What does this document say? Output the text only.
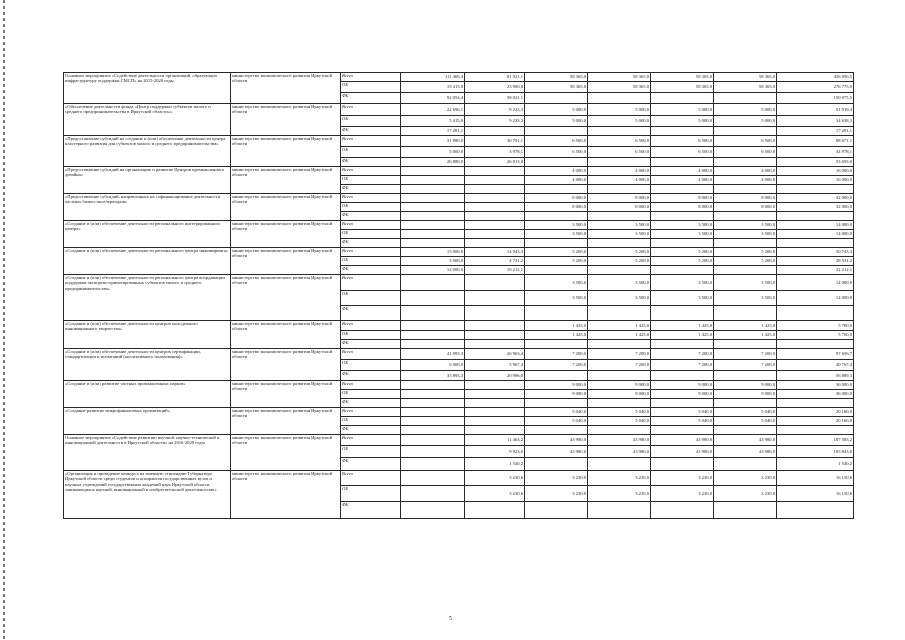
Основное мероприятие «Содействие деятельности организаций, образующих инфраструктуру поддержки СМСП» на 2015-2020 годы	министерство экономического развития Иркутской области	Всего	111 469,4	81 921,1	58 365,0	58 365,0	58 365,0	58 365,0	426 850,5
		ОБ	19 415,0	23 900,0	58 365,0	58 365,0	58 365,0	58 365,0	276 775,0
		ФБ	92 054,4	58 021,1					150 075,5
«Обеспечение деятельности фонда «Центр поддержки субъектов малого и среднего предпринимательства в Иркутской области»»	министерство экономического развития Иркутской области	Всего	22 696,1	9 223,3	5 000,0	5 000,0	5 000,0	5 000,0	51 919,4
		ОБ	5 415,0	9 223,3	5 000,0	5 000,0	5 000,0	5 000,0	34 638,3
		ФБ	17 281,1						17 281,1
«Предоставление субсидий на создание и (или) обеспечение деятельности центра кластерного развития для субъектов малого и среднего предпринимательства»	министерство экономического развития Иркутской области	Всего	31 880,0	30 791,1	6 500,0	6 500,0	6 500,0	6 500,0	88 671,1
		ОБ	5 000,0	3 978,1	6 500,0	6 500,0	6 500,0	6 500,0	34 978,1
		ФБ	26 880,0	26 813,0					53 693,0
«Предоставление субсидий на организацию и развитие Центров промышленного дизайна»	министерство экономического развития Иркутской области	Всего			4 000,0	4 000,0	4 000,0	4 000,0	16 000,0
		ОБ			4 000,0	4 000,0	4 000,0	4 000,0	16 000,0
		ФБ							
«Предоставление субсидий, направленных на софинансирование деятельности частных бизнес-акселераторов»	министерство экономического развития Иркутской области	Всего			8 000,0	8 000,0	8 000,0	8 000,0	32 000,0
		ОБ			8 000,0	8 000,0	8 000,0	8 000,0	32 000,0
		ФБ							
«Создание и (или) обеспечение деятельности регионального интегрированного центра»	министерство экономического развития Иркутской области	Всего			3 500,0	3 500,0	3 500,0	3 500,0	14 000,0
		ОБ			3 500,0	3 500,0	3 500,0	3 500,0	14 000,0
		ФБ							
«Создание и (или) обеспечение деятельности регионального центра инжиниринга»	министерство экономического развития Иркутской области	Всего	15 000,0	14 943,3	5 200,0	5 200,0	5 200,0	5 200,0	50 743,3
		ОБ	3 000,0	4 731,2	5 200,0	5 200,0	5 200,0	5 200,0	28 531,2
		ФБ	12 000,0	10 212,1					22 212,1
«Создание и (или) обеспечение деятельности регионального центра координации поддержки экспортно-ориентированных субъектов малого и среднего предпринимательства»	министерство экономического развития Иркутской области	Всего			3 500,0	3 500,0	3 500,0	3 500,0	14 000,0
		ОБ			3 500,0	3 500,0	3 500,0	3 500,0	14 000,0
		ФБ							
«Создание и (или) обеспечение деятельности центров молодежного инновационного творчества»	министерство экономического развития Иркутской области	Всего			1 425,0	1 425,0	1 425,0	1 425,0	5 700,0
		ОБ			1 425,0	1 425,0	1 425,0	1 425,0	5 700,0
		ФБ							
«Создание и (или) обеспечение деятельности центров сертификации, стандартизации и испытаний (коллективного пользования)»	министерство экономического развития Иркутской области	Всего	41 893,3	26 963,4	7 200,0	7 200,0	7 200,0	7 200,0	97 656,7
		ОБ	6 000,0	5 967,4	7 200,0	7 200,0	7 200,0	7 200,0	40 767,4
		ФБ	35 893,3	20 996,0					56 889,3
«Создание и (или) развитие частных промышленных парков»	министерство экономического развития Иркутской области	Всего			9 000,0	9 000,0	9 000,0	9 000,0	36 000,0
		ОБ			9 000,0	9 000,0	9 000,0	9 000,0	36 000,0
		ФБ							
«Создание развитие микрофинансовых организаций»	министерство экономического развития Иркутской области	Всего			5 040,0	5 040,0	5 040,0	5 040,0	20 160,0
		ОБ			5 040,0	5 040,0	5 040,0	5 040,0	20 160,0
		ФБ							
Основное мероприятие «Содействие развитию научной, научно-технической и инновационной деятельности в Иркутской области» на 2016-2020 годы	министерство экономического развития Иркутской области	Всего		11 463,2	43 980,0	43 980,0	43 980,0	43 980,0	187 383,2
		ОБ		9 923,0	43 980,0	43 980,0	43 980,0	43 980,0	185 843,0
		ФБ		1 540,2					1 540,2
«Организация и проведение конкурса на именную стипендию Губернатора Иркутской области среди студентов и аспирантов государственных вузов и научных учреждений государственных академий наук Иркутской области, занимающихся научной, инновационной и изобретательской деятельностью»	министерство экономического развития Иркутской области	Всего		3 230,6	3 230,0	3 230,0	3 230,0	3 230,0	16 150,6
		ОБ		3 230,6	3 230,0	3 230,0	3 230,0	3 230,0	16 150,6
		ФБ							
5
